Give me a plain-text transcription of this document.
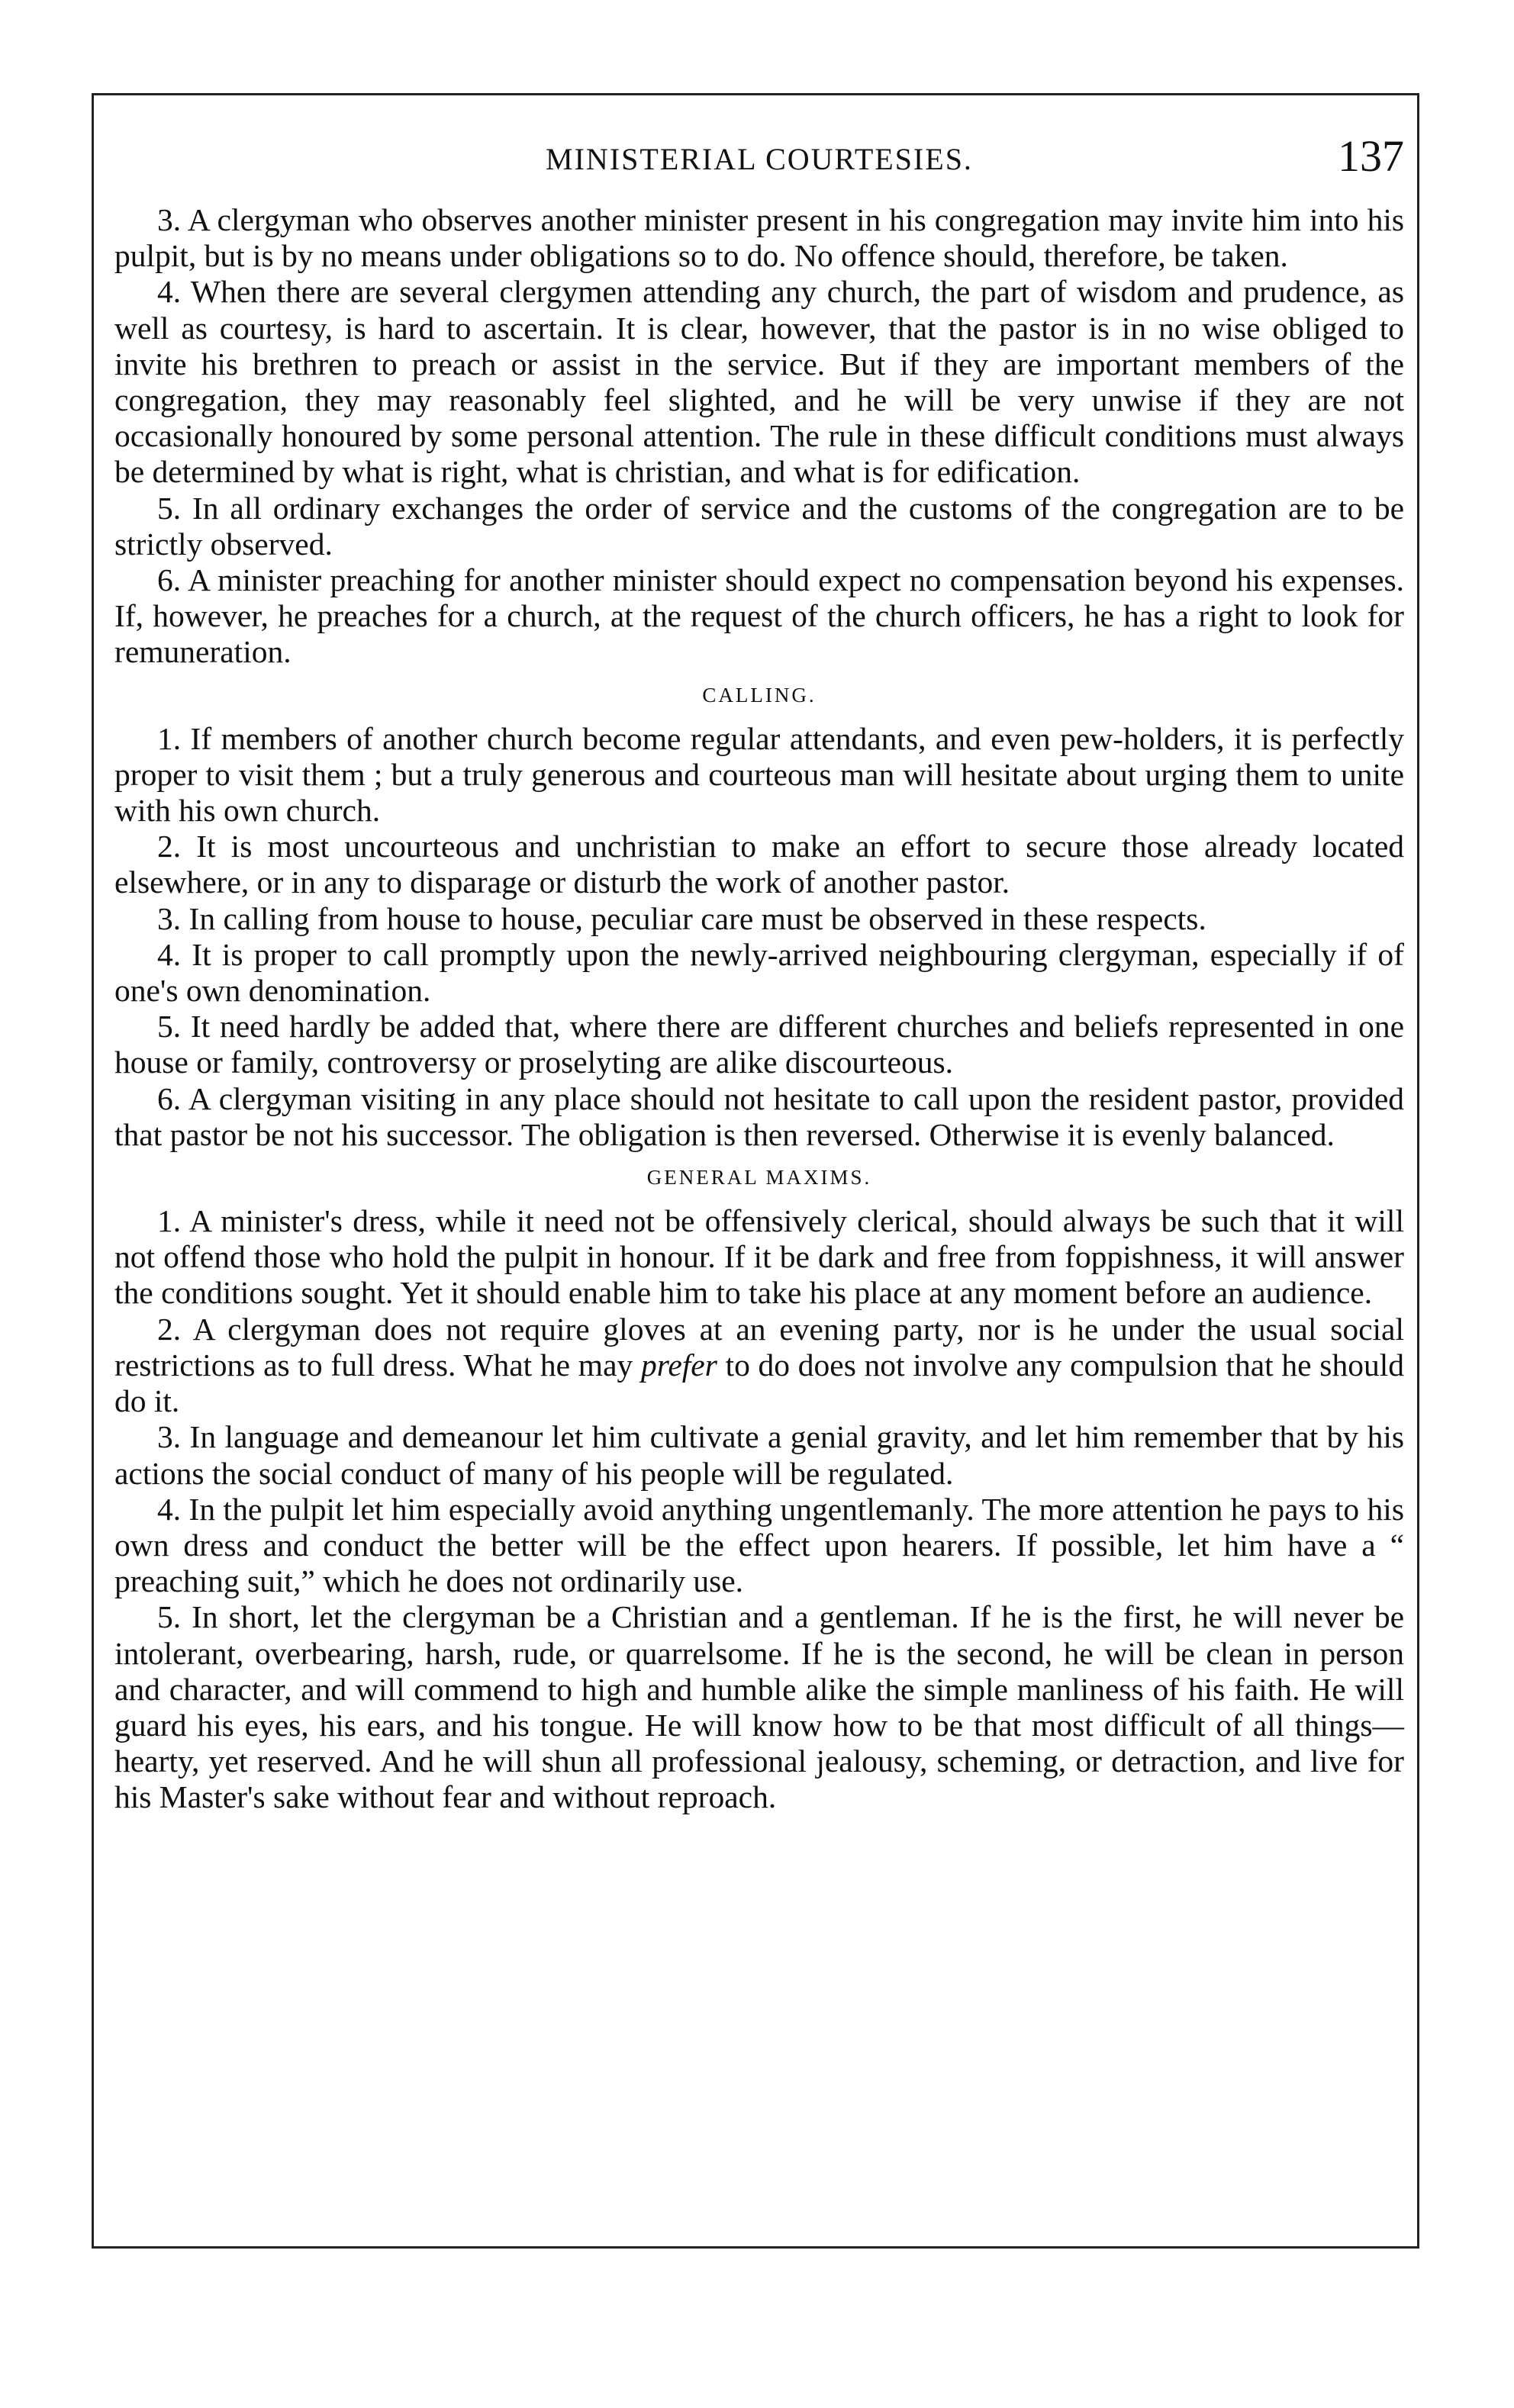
MINISTERIAL COURTESIES.	137

3. A clergyman who observes another minister present in his congregation may invite him into his pulpit, but is by no means under obligations so to do. No offence should, therefore, be taken.

4. When there are several clergymen attending any church, the part of wisdom and prudence, as well as courtesy, is hard to ascertain. It is clear, however, that the pastor is in no wise obliged to invite his brethren to preach or assist in the service. But if they are important members of the congregation, they may reasonably feel slighted, and he will be very unwise if they are not occasionally honoured by some personal attention. The rule in these difficult conditions must always be determined by what is right, what is christian, and what is for edification.

5. In all ordinary exchanges the order of service and the customs of the congregation are to be strictly observed.

6. A minister preaching for another minister should expect no compensation beyond his expenses. If, however, he preaches for a church, at the request of the church officers, he has a right to look for remuneration.

CALLING.

1. If members of another church become regular attendants, and even pew-holders, it is perfectly proper to visit them ; but a truly generous and courteous man will hesitate about urging them to unite with his own church.

2. It is most uncourteous and unchristian to make an effort to secure those already located elsewhere, or in any to disparage or disturb the work of another pastor.

3. In calling from house to house, peculiar care must be observed in these respects.

4. It is proper to call promptly upon the newly-arrived neighbouring clergyman, especially if of one's own denomination.

5. It need hardly be added that, where there are different churches and beliefs represented in one house or family, controversy or proselyting are alike discourteous.

6. A clergyman visiting in any place should not hesitate to call upon the resident pastor, provided that pastor be not his successor. The obligation is then reversed. Otherwise it is evenly balanced.

GENERAL MAXIMS.

1. A minister's dress, while it need not be offensively clerical, should always be such that it will not offend those who hold the pulpit in honour. If it be dark and free from foppishness, it will answer the conditions sought. Yet it should enable him to take his place at any moment before an audience.

2. A clergyman does not require gloves at an evening party, nor is he under the usual social restrictions as to full dress. What he may prefer to do does not involve any compulsion that he should do it.

3. In language and demeanour let him cultivate a genial gravity, and let him remember that by his actions the social conduct of many of his people will be regulated.

4. In the pulpit let him especially avoid anything ungentlemanly. The more attention he pays to his own dress and conduct the better will be the effect upon hearers. If possible, let him have a “ preaching suit,” which he does not ordinarily use.

5. In short, let the clergyman be a Christian and a gentleman. If he is the first, he will never be intolerant, overbearing, harsh, rude, or quarrelsome. If he is the second, he will be clean in person and character, and will commend to high and humble alike the simple manliness of his faith. He will guard his eyes, his ears, and his tongue. He will know how to be that most difficult of all things—hearty, yet reserved. And he will shun all professional jealousy, scheming, or detraction, and live for his Master's sake without fear and without reproach.
